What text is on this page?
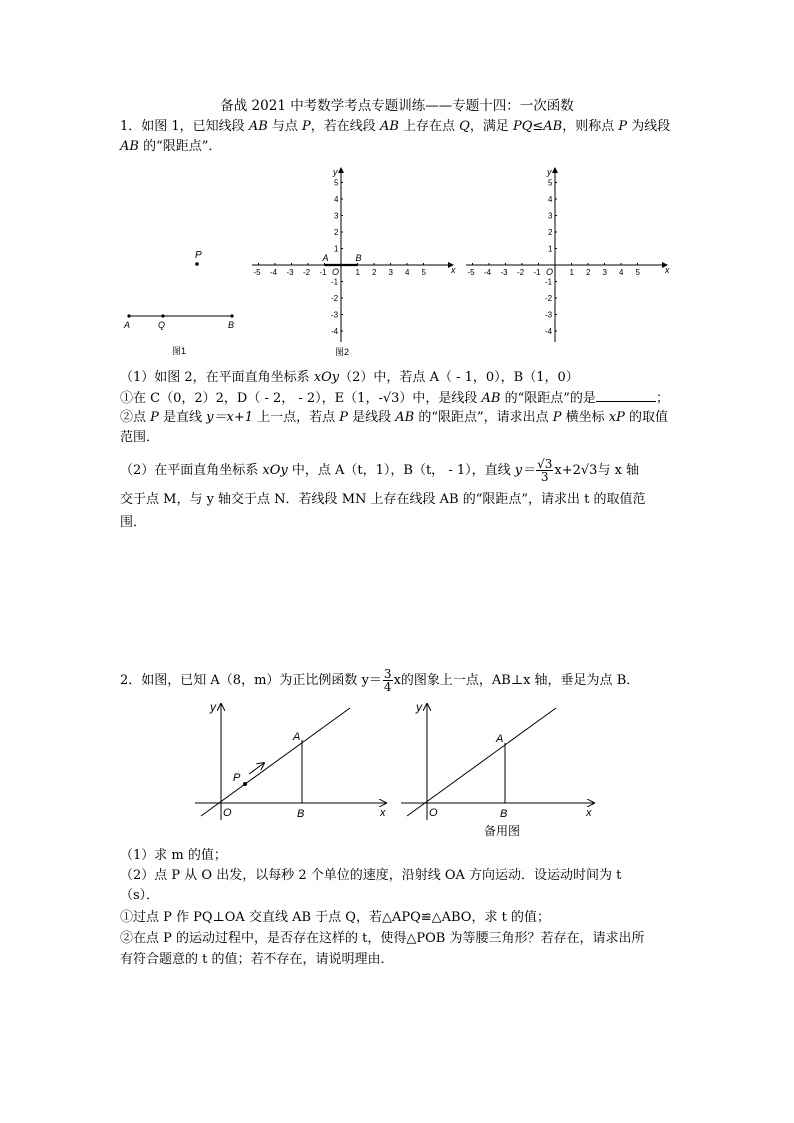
备战 2021 中考数学考点专题训练——专题十四：一次函数
1．如图 1，已知线段 AB 与点 P，若在线段 AB 上存在点 Q，满足 PQ≤AB，则称点 P 为线段
AB 的“限距点”．
P
A	Q	B
图1
x
y
O
-5 -4 -3 -2 -1	1 2 3 4 5
5
4
3
2
1
-1
-2
-3
-4
A	B
图2
x
y
O
-5 -4 -3 -2 -1	1 2 3 4 5
5
4
3
2
1
-1
-2
-3
-4
（1）如图 2，在平面直角坐标系 xOy（2）中，若点 A（ - 1，0），B（1，0）
①在 C（0，2）2，D（ - 2， - 2），E（1，-√3）中，是线段 AB 的“限距点”的是	；
②点 P 是直线 y＝x+1 上一点，若点 P 是线段 AB 的“限距点”，请求出点 P 横坐标 xP 的取值
范围．
（2）在平面直角坐标系 xOy 中，点 A（t，1），B（t， - 1），直线 $y= \frac{√3}{3} x+2√3$与 x 轴
交于点 M，与 y 轴交于点 N．若线段 MN 上存在线段 AB 的“限距点”，请求出 t 的取值范
围．
2．如图，已知 A（8，m）为正比例函数 $y= \frac{3}{4}$ x的图象上一点，AB⊥x 轴，垂足为点 B．
y
A
P
O	B	x
y
A
O	B	x
备用图
（1）求 m 的值；
（2）点 P 从 O 出发，以每秒 2 个单位的速度，沿射线 OA 方向运动．设运动时间为 t
（s）．
①过点 P 作 PQ⊥OA 交直线 AB 于点 Q，若△APQ≌△ABO，求 t 的值；
②在点 P 的运动过程中，是否存在这样的 t，使得△POB 为等腰三角形？若存在，请求出所
有符合题意的 t 的值；若不存在，请说明理由．
